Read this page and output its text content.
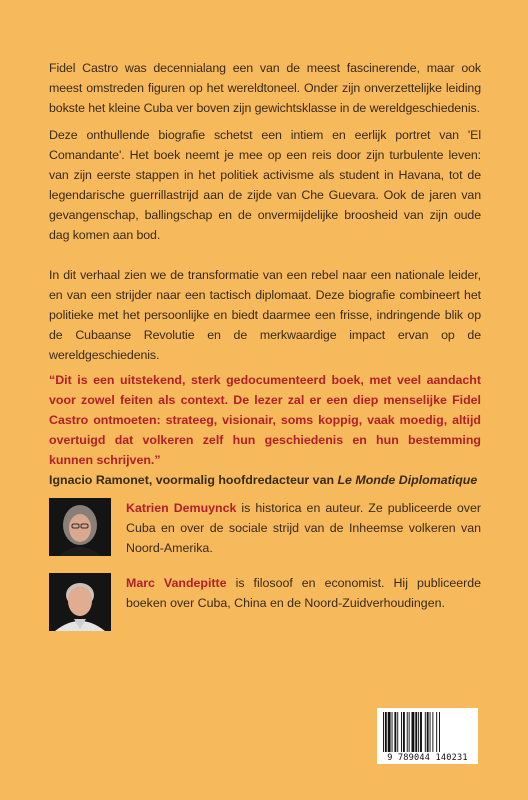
Fidel Castro was decennialang een van de meest fascinerende, maar ook meest omstreden figuren op het wereldtoneel. Onder zijn onverzettelijke leiding bokste het kleine Cuba ver boven zijn gewichtsklasse in de wereldgeschiedenis.

Deze onthullende biografie schetst een intiem en eerlijk portret van 'El Comandante'. Het boek neemt je mee op een reis door zijn turbulente leven: van zijn eerste stappen in het politiek activisme als student in Havana, tot de legendarische guerrillastrijd aan de zijde van Che Guevara. Ook de jaren van gevangenschap, ballingschap en de onvermijdelijke broosheid van zijn oude dag komen aan bod.

In dit verhaal zien we de transformatie van een rebel naar een nationale leider, en van een strijder naar een tactisch diplomaat. Deze biografie combineert het politieke met het persoonlijke en biedt daarmee een frisse, indringende blik op de Cubaanse Revolutie en de merkwaardige impact ervan op de wereldgeschiedenis.

“Dit is een uitstekend, sterk gedocumenteerd boek, met veel aandacht voor zowel feiten als context. De lezer zal er een diep menselijke Fidel Castro ontmoeten: strateeg, visionair, soms koppig, vaak moedig, altijd overtuigd dat volkeren zelf hun geschiedenis en hun bestemming kunnen schrijven.”
Ignacio Ramonet, voormalig hoofdredacteur van Le Monde Diplomatique
Katrien Demuynck is historica en auteur. Ze publiceerde over Cuba en over de sociale strijd van de Inheemse volkeren van Noord-Amerika.
Marc Vandepitte is filosoof en economist. Hij publiceerde boeken over Cuba, China en de Noord-Zuidverhoudingen.
9 789044 140231
